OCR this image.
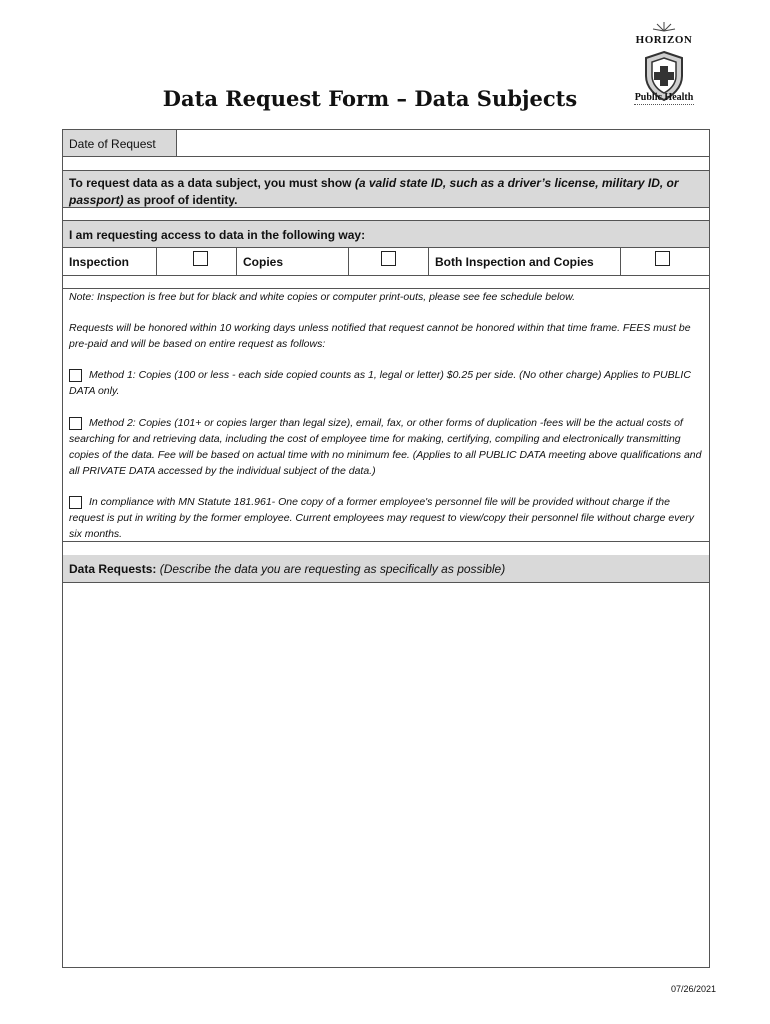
HORIZON
Public Health
Data Request Form – Data Subjects
Date of Request
To request data as a data subject, you must show (a valid state ID, such as a driver’s license, military ID, or passport) as proof of identity.
I am requesting access to data in the following way:
Inspection	Copies	Both Inspection and Copies
Note: Inspection is free but for black and white copies or computer print-outs, please see fee schedule below.
Requests will be honored within 10 working days unless notified that request cannot be honored within that time frame. FEES must be pre-paid and will be based on entire request as follows:
Method 1: Copies (100 or less - each side copied counts as 1, legal or letter) $0.25 per side. (No other charge) Applies to PUBLIC DATA only.
Method 2: Copies (101+ or copies larger than legal size), email, fax, or other forms of duplication -fees will be the actual costs of searching for and retrieving data, including the cost of employee time for making, certifying, compiling and electronically transmitting copies of the data. Fee will be based on actual time with no minimum fee. (Applies to all PUBLIC DATA meeting above qualifications and all PRIVATE DATA accessed by the individual subject of the data.)
In compliance with MN Statute 181.961- One copy of a former employee's personnel file will be provided without charge if the request is put in writing by the former employee. Current employees may request to view/copy their personnel file without charge every six months.
Data Requests: (Describe the data you are requesting as specifically as possible)
07/26/2021
